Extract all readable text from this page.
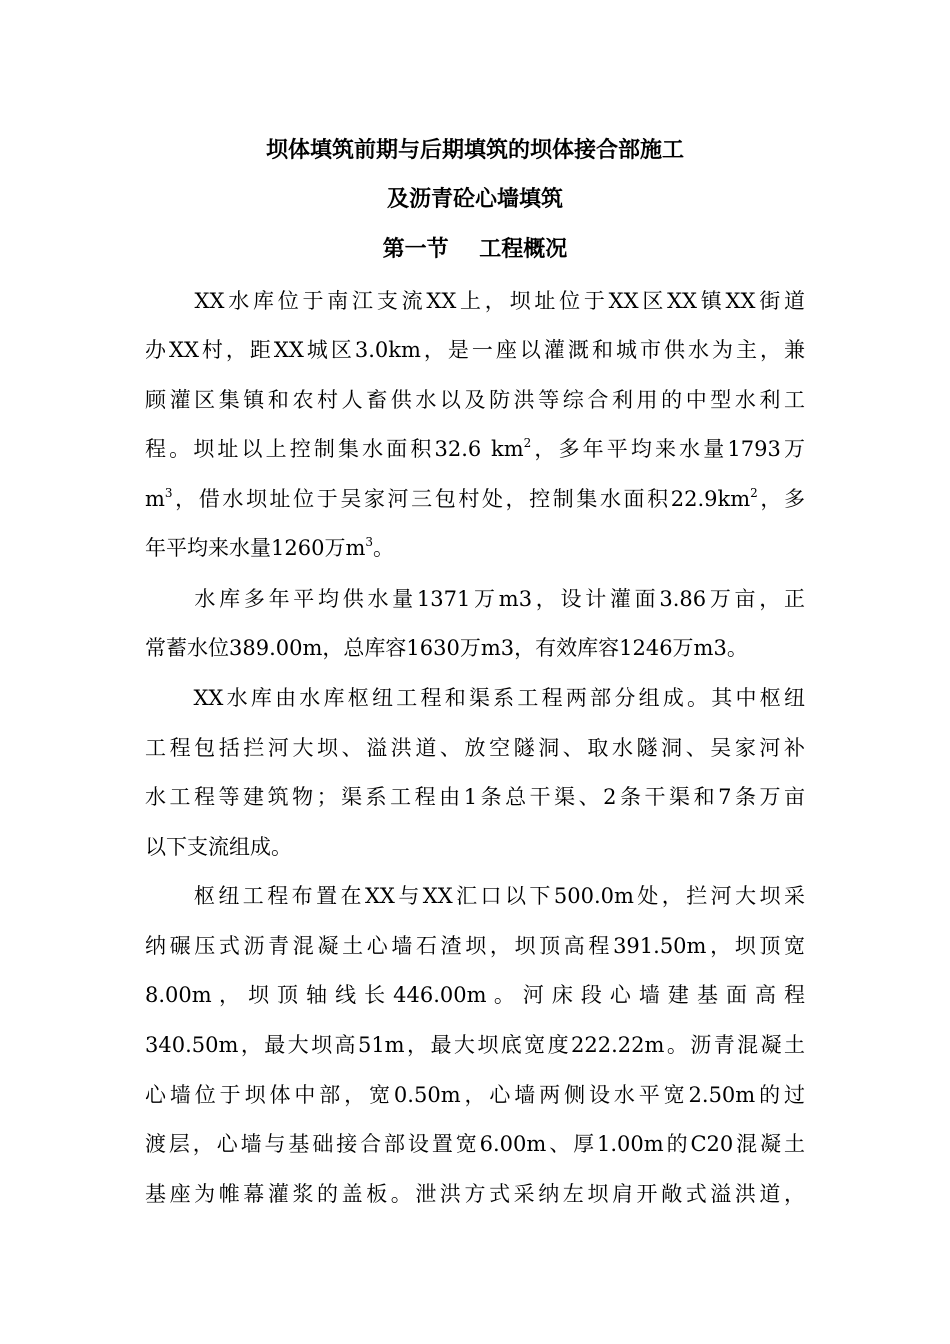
坝体填筑前期与后期填筑的坝体接合部施工
及沥青砼心墙填筑
第一节    工程概况
　　XX水库位于南江支流XX上，坝址位于XX区XX镇XX街道
办XX村，距XX城区3.0km，是一座以灌溉和城市供水为主，兼
顾灌区集镇和农村人畜供水以及防洪等综合利用的中型水利工
程。坝址以上控制集水面积32.6 $km^2$，多年平均来水量1793万
$m^3$，借水坝址位于吴家河三包村处，控制集水面积$22.9km^2$，多
年平均来水量1260万$m^3$。
　　水库多年平均供水量1371万m3，设计灌面3.86万亩，正
常蓄水位389.00m，总库容1630万m3，有效库容1246万m3。
　　XX水库由水库枢纽工程和渠系工程两部分组成。其中枢纽
工程包括拦河大坝、溢洪道、放空隧洞、取水隧洞、吴家河补
水工程等建筑物；渠系工程由1条总干渠、2条干渠和7条万亩
以下支流组成。
　　枢纽工程布置在XX与XX汇口以下500.0m处，拦河大坝采
纳碾压式沥青混凝土心墙石渣坝，坝顶高程391.50m，坝顶宽
8.00m ， 坝 顶 轴 线 长 446.00m 。 河 床 段 心 墙 建 基 面 高 程
340.50m，最大坝高51m，最大坝底宽度222.22m。沥青混凝土
心墙位于坝体中部，宽0.50m，心墙两侧设水平宽2.50m的过
渡层，心墙与基础接合部设置宽6.00m、厚1.00m的C20混凝土
基座为帷幕灌浆的盖板。泄洪方式采纳左坝肩开敞式溢洪道，
